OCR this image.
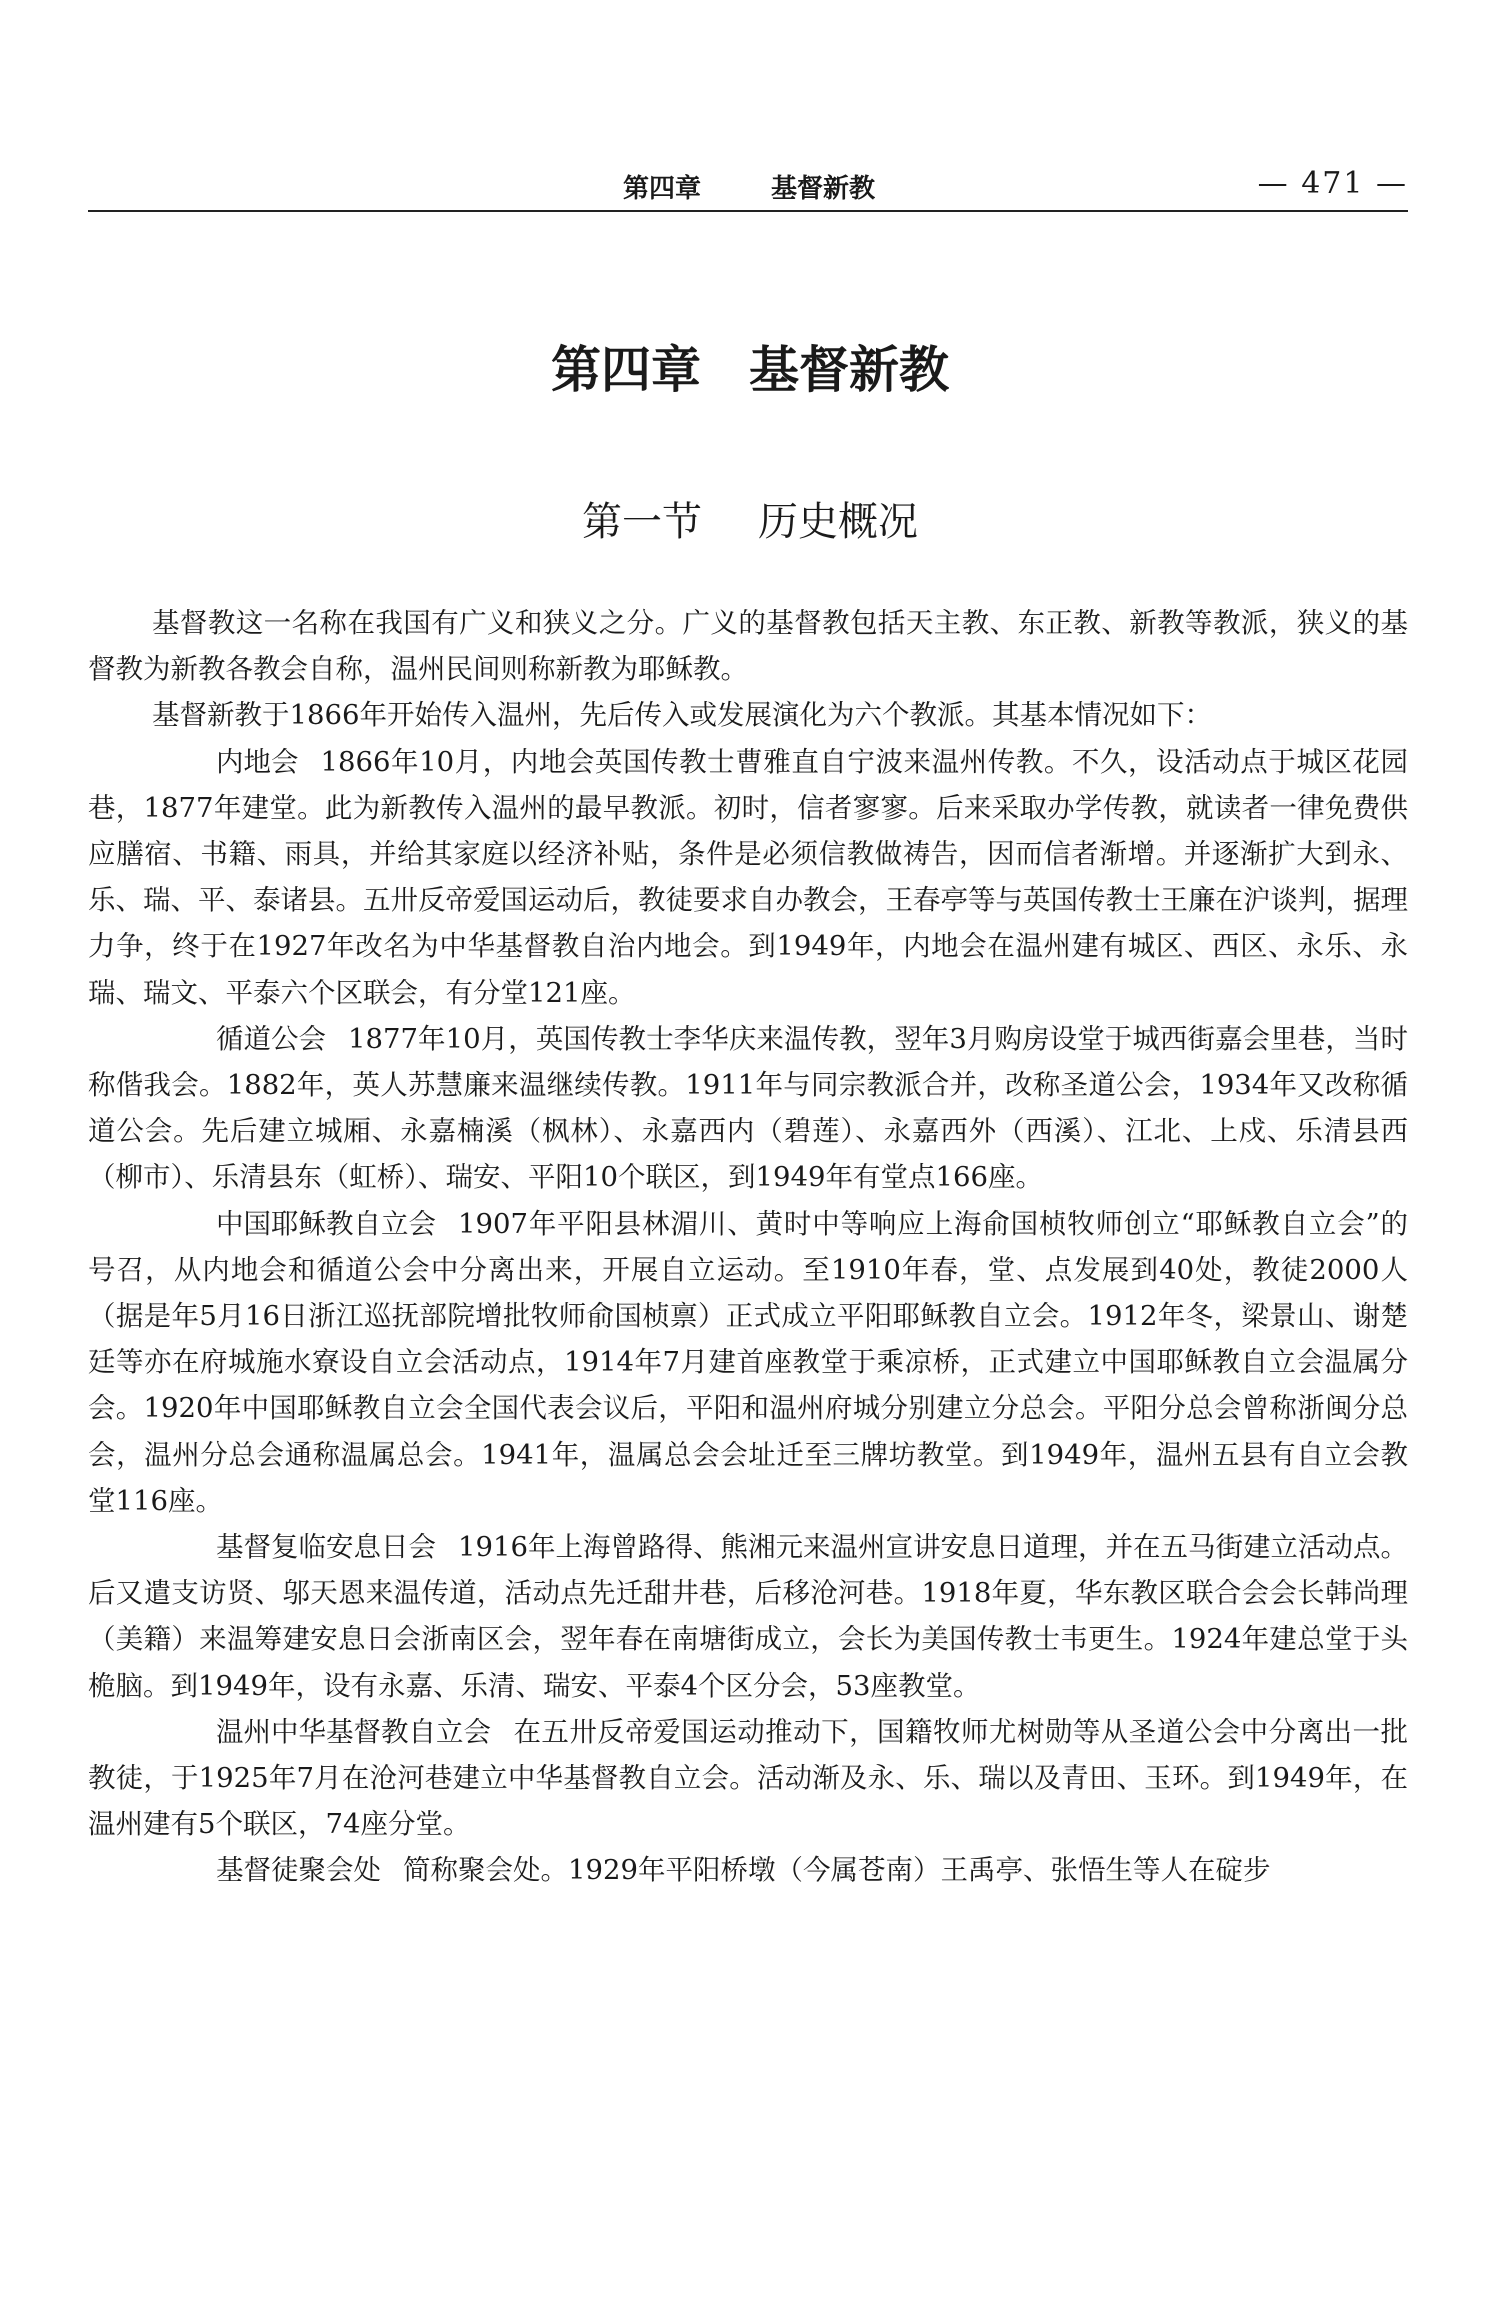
第四章	基督新教	— 471 —
第四章 基督新教
第一节 历史概况

基督教这一名称在我国有广义和狭义之分。广义的基督教包括天主教、东正教、新教等教派，狭义的基督教为新教各教会自称，温州民间则称新教为耶稣教。

基督新教于1866年开始传入温州，先后传入或发展演化为六个教派。其基本情况如下：

内地会 1866年10月，内地会英国传教士曹雅直自宁波来温州传教。不久，设活动点于城区花园巷，1877年建堂。此为新教传入温州的最早教派。初时，信者寥寥。后来采取办学传教，就读者一律免费供应膳宿、书籍、雨具，并给其家庭以经济补贴，条件是必须信教做祷告，因而信者渐增。并逐渐扩大到永、乐、瑞、平、泰诸县。五卅反帝爱国运动后，教徒要求自办教会，王春亭等与英国传教士王廉在沪谈判，据理力争，终于在1927年改名为中华基督教自治内地会。到1949年，内地会在温州建有城区、西区、永乐、永瑞、瑞文、平泰六个区联会，有分堂121座。

循道公会 1877年10月，英国传教士李华庆来温传教，翌年3月购房设堂于城西街嘉会里巷，当时称偕我会。1882年，英人苏慧廉来温继续传教。1911年与同宗教派合并，改称圣道公会，1934年又改称循道公会。先后建立城厢、永嘉楠溪（枫林）、永嘉西内（碧莲）、永嘉西外（西溪）、江北、上戍、乐清县西（柳市）、乐清县东（虹桥）、瑞安、平阳10个联区，到1949年有堂点166座。

中国耶稣教自立会 1907年平阳县林湄川、黄时中等响应上海俞国桢牧师创立“耶稣教自立会”的号召，从内地会和循道公会中分离出来，开展自立运动。至1910年春，堂、点发展到40处，教徒2000人（据是年5月16日浙江巡抚部院增批牧师俞国桢禀）正式成立平阳耶稣教自立会。1912年冬，梁景山、谢楚廷等亦在府城施水寮设自立会活动点，1914年7月建首座教堂于乘凉桥，正式建立中国耶稣教自立会温属分会。1920年中国耶稣教自立会全国代表会议后，平阳和温州府城分别建立分总会。平阳分总会曾称浙闽分总会，温州分总会通称温属总会。1941年，温属总会会址迁至三牌坊教堂。到1949年，温州五县有自立会教堂116座。

基督复临安息日会 1916年上海曾路得、熊湘元来温州宣讲安息日道理，并在五马街建立活动点。后又遣支访贤、邬天恩来温传道，活动点先迁甜井巷，后移沧河巷。1918年夏，华东教区联合会会长韩尚理（美籍）来温筹建安息日会浙南区会，翌年春在南塘街成立，会长为美国传教士韦更生。1924年建总堂于头桅脑。到1949年，设有永嘉、乐清、瑞安、平泰4个区分会，53座教堂。

温州中华基督教自立会 在五卅反帝爱国运动推动下，国籍牧师尤树勋等从圣道公会中分离出一批教徒，于1925年7月在沧河巷建立中华基督教自立会。活动渐及永、乐、瑞以及青田、玉环。到1949年，在温州建有5个联区，74座分堂。

基督徒聚会处 简称聚会处。1929年平阳桥墩（今属苍南）王禹亭、张悟生等人在碇步
